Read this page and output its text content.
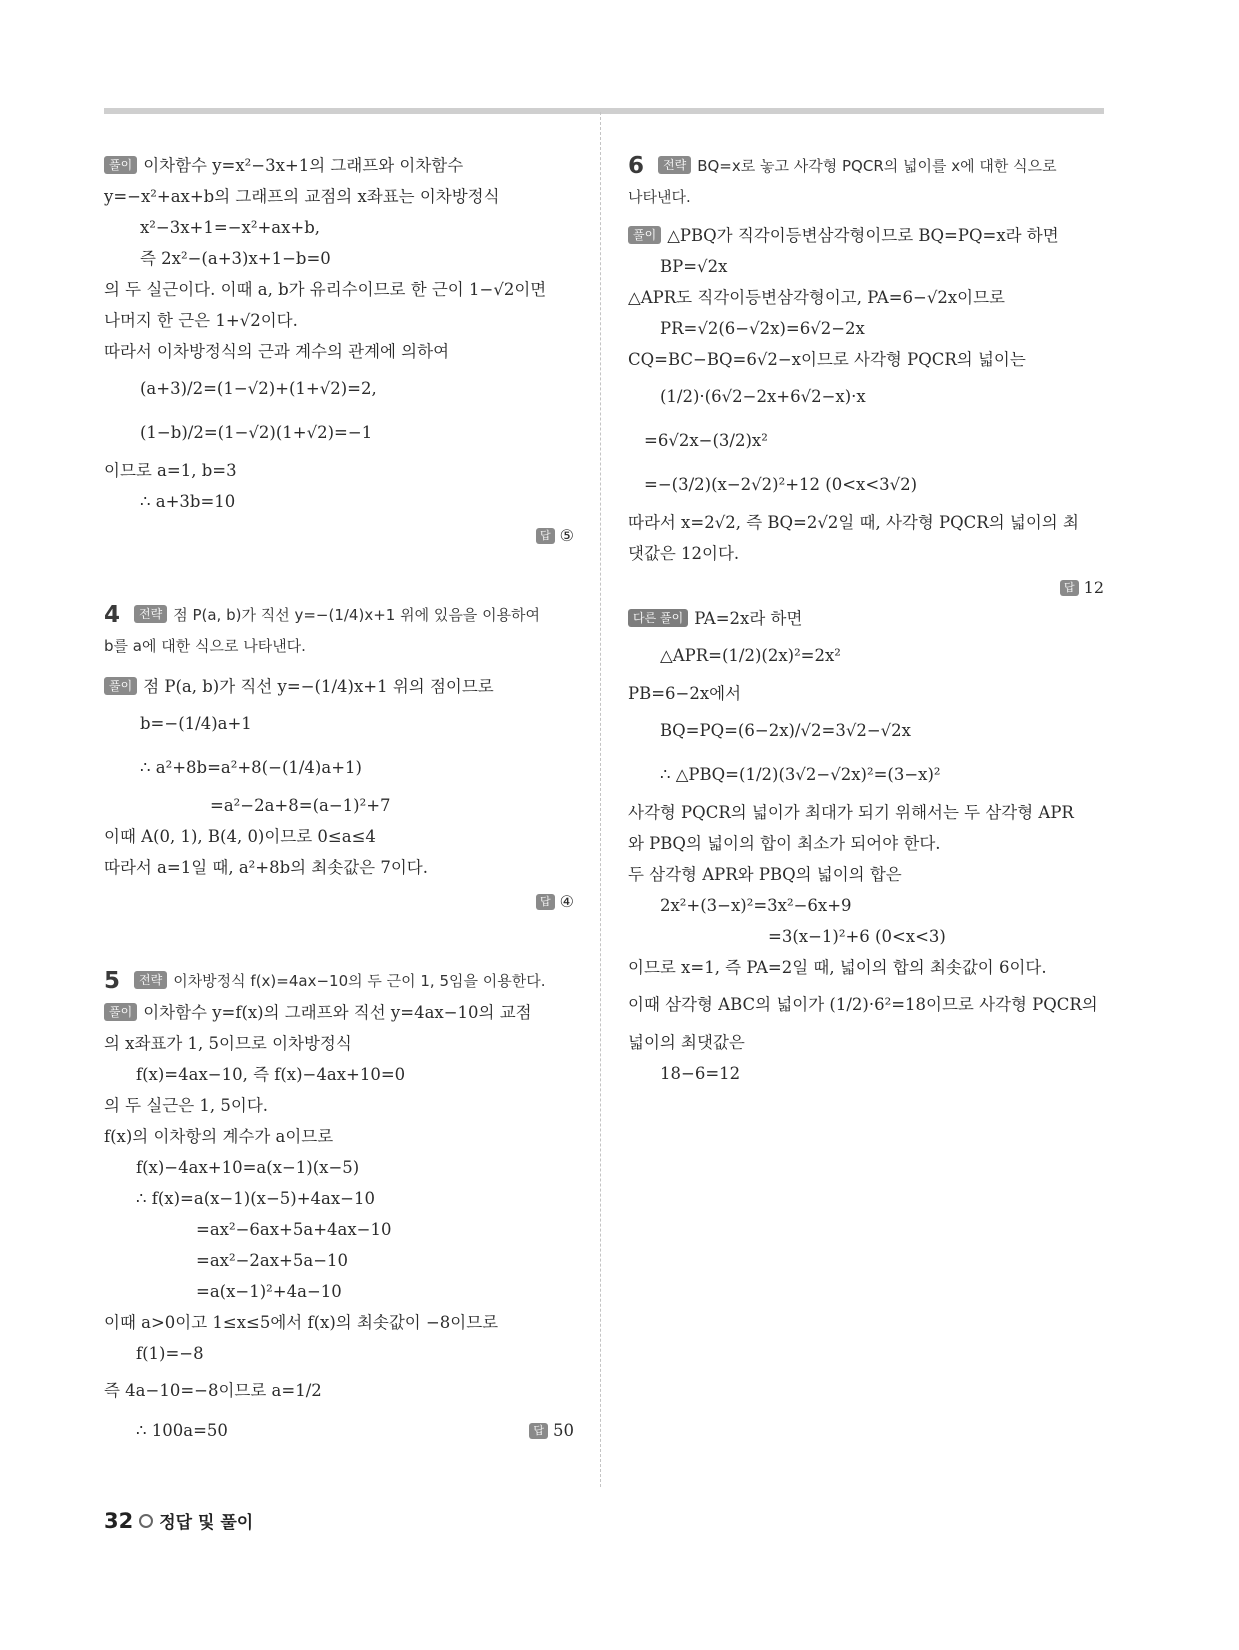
풀이 이차함수 y=x²−3x+1의 그래프와 이차함수
y=−x²+ax+b의 그래프의 교점의 x좌표는 이차방정식
x²−3x+1=−x²+ax+b,
즉 2x²−(a+3)x+1−b=0
의 두 실근이다. 이때 a, b가 유리수이므로 한 근이 1−√2이면
나머지 한 근은 1+√2이다.
따라서 이차방정식의 근과 계수의 관계에 의하여
(a+3)/2=(1−√2)+(1+√2)=2,
(1−b)/2=(1−√2)(1+√2)=−1
이므로 a=1, b=3
∴ a+3b=10
답 ⑤
4 전략 점 P(a, b)가 직선 y=−(1/4)x+1 위에 있음을 이용하여
b를 a에 대한 식으로 나타낸다.
풀이 점 P(a, b)가 직선 y=−(1/4)x+1 위의 점이므로
b=−(1/4)a+1
∴ a²+8b=a²+8(−(1/4)a+1)
=a²−2a+8=(a−1)²+7
이때 A(0, 1), B(4, 0)이므로 0≤a≤4
따라서 a=1일 때, a²+8b의 최솟값은 7이다.
답 ④
5 전략 이차방정식 f(x)=4ax−10의 두 근이 1, 5임을 이용한다.
풀이 이차함수 y=f(x)의 그래프와 직선 y=4ax−10의 교점
의 x좌표가 1, 5이므로 이차방정식
f(x)=4ax−10, 즉 f(x)−4ax+10=0
의 두 실근은 1, 5이다.
f(x)의 이차항의 계수가 a이므로
f(x)−4ax+10=a(x−1)(x−5)
∴ f(x)=a(x−1)(x−5)+4ax−10
=ax²−6ax+5a+4ax−10
=ax²−2ax+5a−10
=a(x−1)²+4a−10
이때 a>0이고 1≤x≤5에서 f(x)의 최솟값이 −8이므로
f(1)=−8
즉 4a−10=−8이므로 a=1/2
∴ 100a=50	답 50
6 전략 BQ=x로 놓고 사각형 PQCR의 넓이를 x에 대한 식으로
나타낸다.
풀이 △PBQ가 직각이등변삼각형이므로 BQ=PQ=x라 하면
BP=√2x
△APR도 직각이등변삼각형이고, PA=6−√2x이므로
PR=√2(6−√2x)=6√2−2x
CQ=BC−BQ=6√2−x이므로 사각형 PQCR의 넓이는
(1/2)·(6√2−2x+6√2−x)·x
=6√2x−(3/2)x²
=−(3/2)(x−2√2)²+12 (0<x<3√2)
따라서 x=2√2, 즉 BQ=2√2일 때, 사각형 PQCR의 넓이의 최
댓값은 12이다.
답 12
다른 풀이 PA=2x라 하면
△APR=(1/2)(2x)²=2x²
PB=6−2x에서
BQ=PQ=(6−2x)/√2=3√2−√2x
∴ △PBQ=(1/2)(3√2−√2x)²=(3−x)²
사각형 PQCR의 넓이가 최대가 되기 위해서는 두 삼각형 APR
와 PBQ의 넓이의 합이 최소가 되어야 한다.
두 삼각형 APR와 PBQ의 넓이의 합은
2x²+(3−x)²=3x²−6x+9
=3(x−1)²+6 (0<x<3)
이므로 x=1, 즉 PA=2일 때, 넓이의 합의 최솟값이 6이다.
이때 삼각형 ABC의 넓이가 (1/2)·6²=18이므로 사각형 PQCR의
넓이의 최댓값은
18−6=12
32 정답 및 풀이
